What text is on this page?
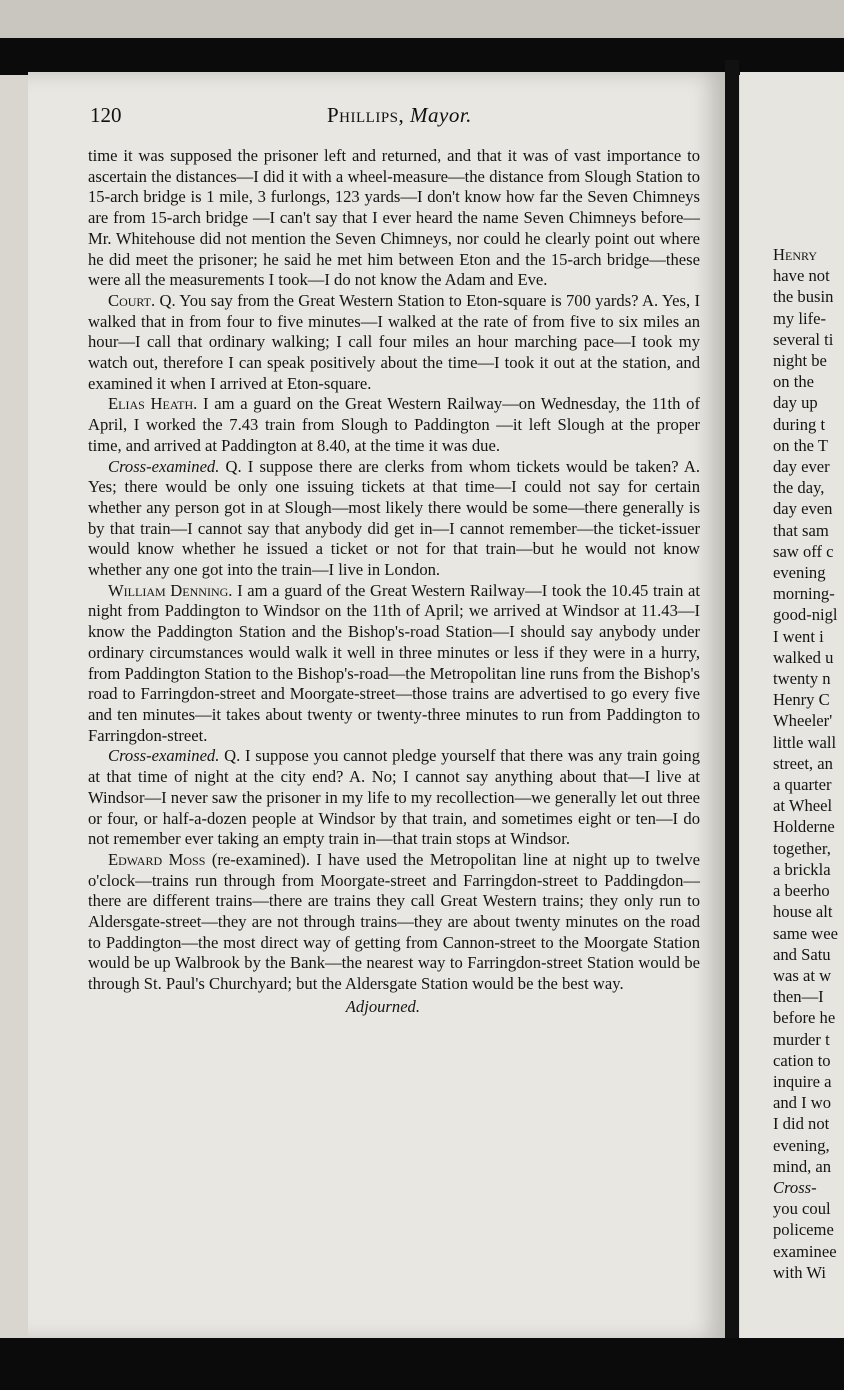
120	Phillips, Mayor.

time it was supposed the prisoner left and returned, and that it was of vast importance to ascertain the distances—I did it with a wheel-measure—the distance from Slough Station to 15-arch bridge is 1 mile, 3 furlongs, 123 yards—I don't know how far the Seven Chimneys are from 15-arch bridge —I can't say that I ever heard the name Seven Chimneys before—Mr. Whitehouse did not mention the Seven Chimneys, nor could he clearly point out where he did meet the prisoner; he said he met him between Eton and the 15-arch bridge—these were all the measurements I took—I do not know the Adam and Eve.

Court. Q. You say from the Great Western Station to Eton-square is 700 yards? A. Yes, I walked that in from four to five minutes—I walked at the rate of from five to six miles an hour—I call that ordinary walking; I call four miles an hour marching pace—I took my watch out, therefore I can speak positively about the time—I took it out at the station, and examined it when I arrived at Eton-square.

Elias Heath. I am a guard on the Great Western Railway—on Wednesday, the 11th of April, I worked the 7.43 train from Slough to Paddington —it left Slough at the proper time, and arrived at Paddington at 8.40, at the time it was due.

Cross-examined. Q. I suppose there are clerks from whom tickets would be taken? A. Yes; there would be only one issuing tickets at that time—I could not say for certain whether any person got in at Slough—most likely there would be some—there generally is by that train—I cannot say that anybody did get in—I cannot remember—the ticket-issuer would know whether he issued a ticket or not for that train—but he would not know whether any one got into the train—I live in London.

William Denning. I am a guard of the Great Western Railway—I took the 10.45 train at night from Paddington to Windsor on the 11th of April; we arrived at Windsor at 11.43—I know the Paddington Station and the Bishop's-road Station—I should say anybody under ordinary circumstances would walk it well in three minutes or less if they were in a hurry, from Paddington Station to the Bishop's-road—the Metropolitan line runs from the Bishop's road to Farringdon-street and Moorgate-street—those trains are advertised to go every five and ten minutes—it takes about twenty or twenty-three minutes to run from Paddington to Farringdon-street.

Cross-examined. Q. I suppose you cannot pledge yourself that there was any train going at that time of night at the city end? A. No; I cannot say anything about that—I live at Windsor—I never saw the prisoner in my life to my recollection—we generally let out three or four, or half-a-dozen people at Windsor by that train, and sometimes eight or ten—I do not remember ever taking an empty train in—that train stops at Windsor.

Edward Moss (re-examined). I have used the Metropolitan line at night up to twelve o'clock—trains run through from Moorgate-street and Farringdon-street to Paddingdon—there are different trains—there are trains they call Great Western trains; they only run to Aldersgate-street—they are not through trains—they are about twenty minutes on the road to Paddington—the most direct way of getting from Cannon-street to the Moorgate Station would be up Walbrook by the Bank—the nearest way to Farringdon-street Station would be through St. Paul's Churchyard; but the Aldersgate Station would be the best way.

Adjourned.

Henry
have not
the busin
my life-
several ti
night be
on the
day up
during t
on the T
day ever
the day,
day even
that sam
saw off c
evening
morning-
good-nigl
I went i
walked u
twenty n
Henry C
Wheeler'
little wall
street, an
a quarter
at Wheel
Holderne
together,
a brickla
a beerho
house alt
same wee
and Satu
was at w
then—I
before he
murder t
cation to
inquire a
and I wo
I did not
evening,
mind, an
Cross-
you coul
policeme
examinee
with Wi
